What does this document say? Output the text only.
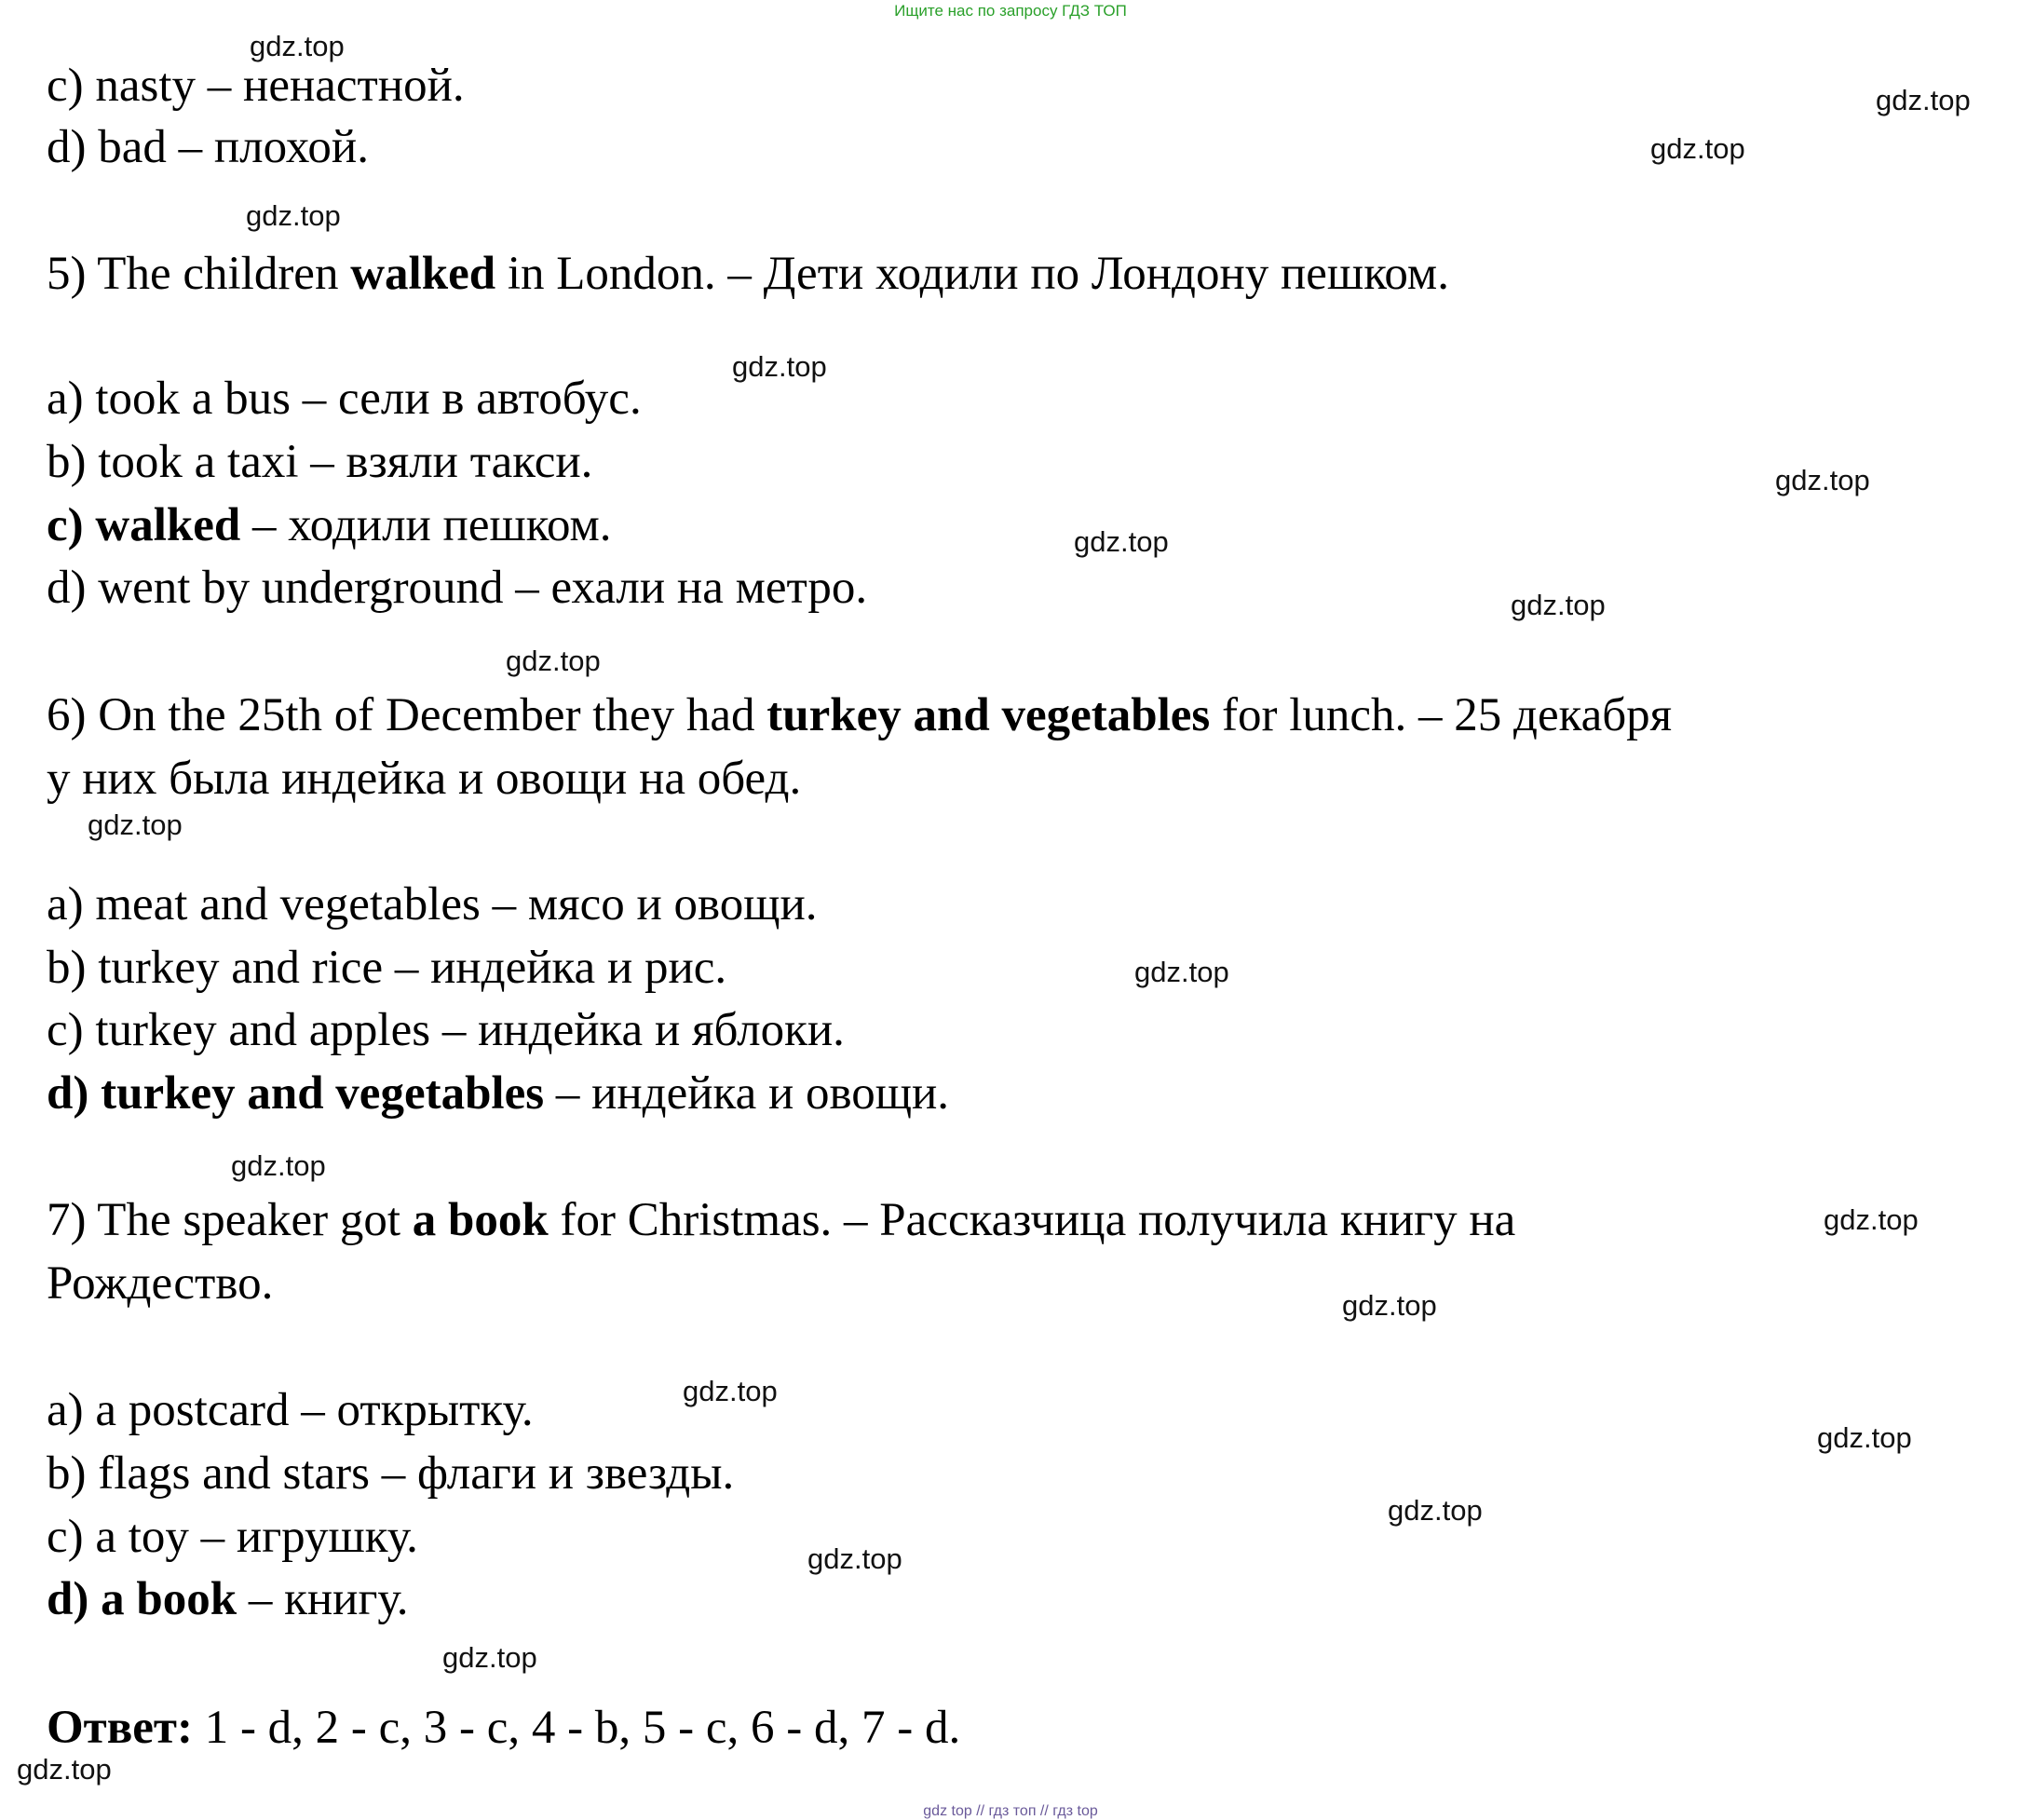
Ищите нас по запросу ГДЗ ТОП
c) nasty – ненастной.
d) bad – плохой.
5) The children walked in London. – Дети ходили по Лондону пешком.
a) took a bus – сели в автобус.
b) took a taxi – взяли такси.
c) walked – ходили пешком.
d) went by underground – ехали на метро.
6) On the 25th of December they had turkey and vegetables for lunch. – 25 декабря
у них была индейка и овощи на обед.
a) meat and vegetables – мясо и овощи.
b) turkey and rice – индейка и рис.
c) turkey and apples – индейка и яблоки.
d) turkey and vegetables – индейка и овощи.
7) The speaker got a book for Christmas. – Рассказчица получила книгу на
Рождество.
a) a postcard – открытку.
b) flags and stars – флаги и звезды.
c) a toy – игрушку.
d) a book – книгу.
Ответ: 1 - d, 2 - c, 3 - c, 4 - b, 5 - c, 6 - d, 7 - d.
gdz.top
gdz.top
gdz.top
gdz.top
gdz.top
gdz.top
gdz.top
gdz.top
gdz.top
gdz.top
gdz.top
gdz.top
gdz.top
gdz.top
gdz.top
gdz.top
gdz.top
gdz.top
gdz.top
gdz.top
gdz top // гдз топ // гдз top
